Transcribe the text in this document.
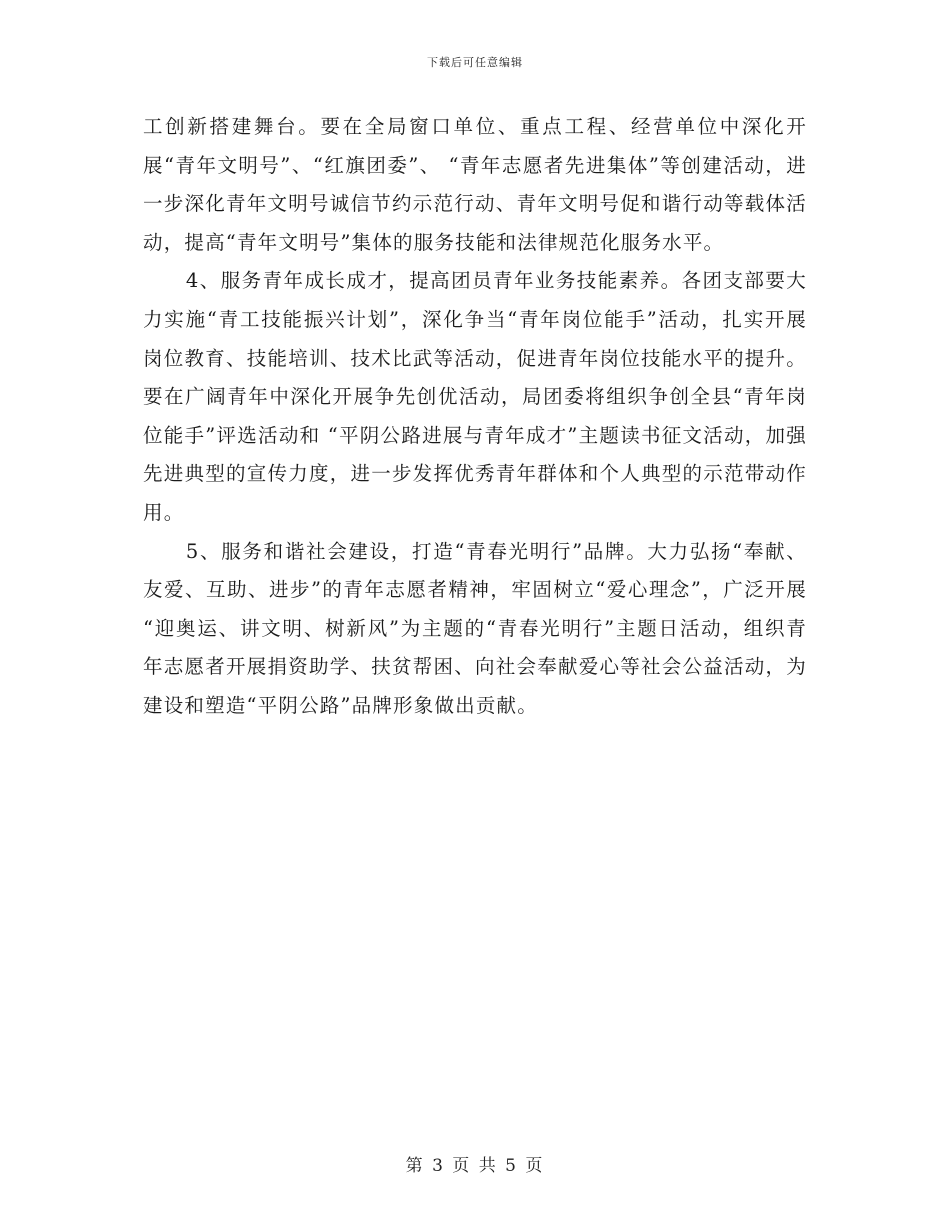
下载后可任意编辑

工创新搭建舞台。要在全局窗口单位、重点工程、经营单位中深化开展“青年文明号”、“红旗团委”、 “青年志愿者先进集体”等创建活动，进一步深化青年文明号诚信节约示范行动、青年文明号促和谐行动等载体活动，提高“青年文明号”集体的服务技能和法律规范化服务水平。

4、服务青年成长成才，提高团员青年业务技能素养。各团支部要大力实施“青工技能振兴计划”，深化争当“青年岗位能手”活动，扎实开展岗位教育、技能培训、技术比武等活动，促进青年岗位技能水平的提升。要在广阔青年中深化开展争先创优活动，局团委将组织争创全县“青年岗位能手”评选活动和 “平阴公路进展与青年成才”主题读书征文活动，加强先进典型的宣传力度，进一步发挥优秀青年群体和个人典型的示范带动作用。

5、服务和谐社会建设，打造“青春光明行”品牌。大力弘扬“奉献、友爱、互助、进步”的青年志愿者精神，牢固树立“爱心理念”，广泛开展 “迎奥运、讲文明、树新风”为主题的“青春光明行”主题日活动，组织青年志愿者开展捐资助学、扶贫帮困、向社会奉献爱心等社会公益活动，为建设和塑造“平阴公路”品牌形象做出贡献。

第 3 页 共 5 页
